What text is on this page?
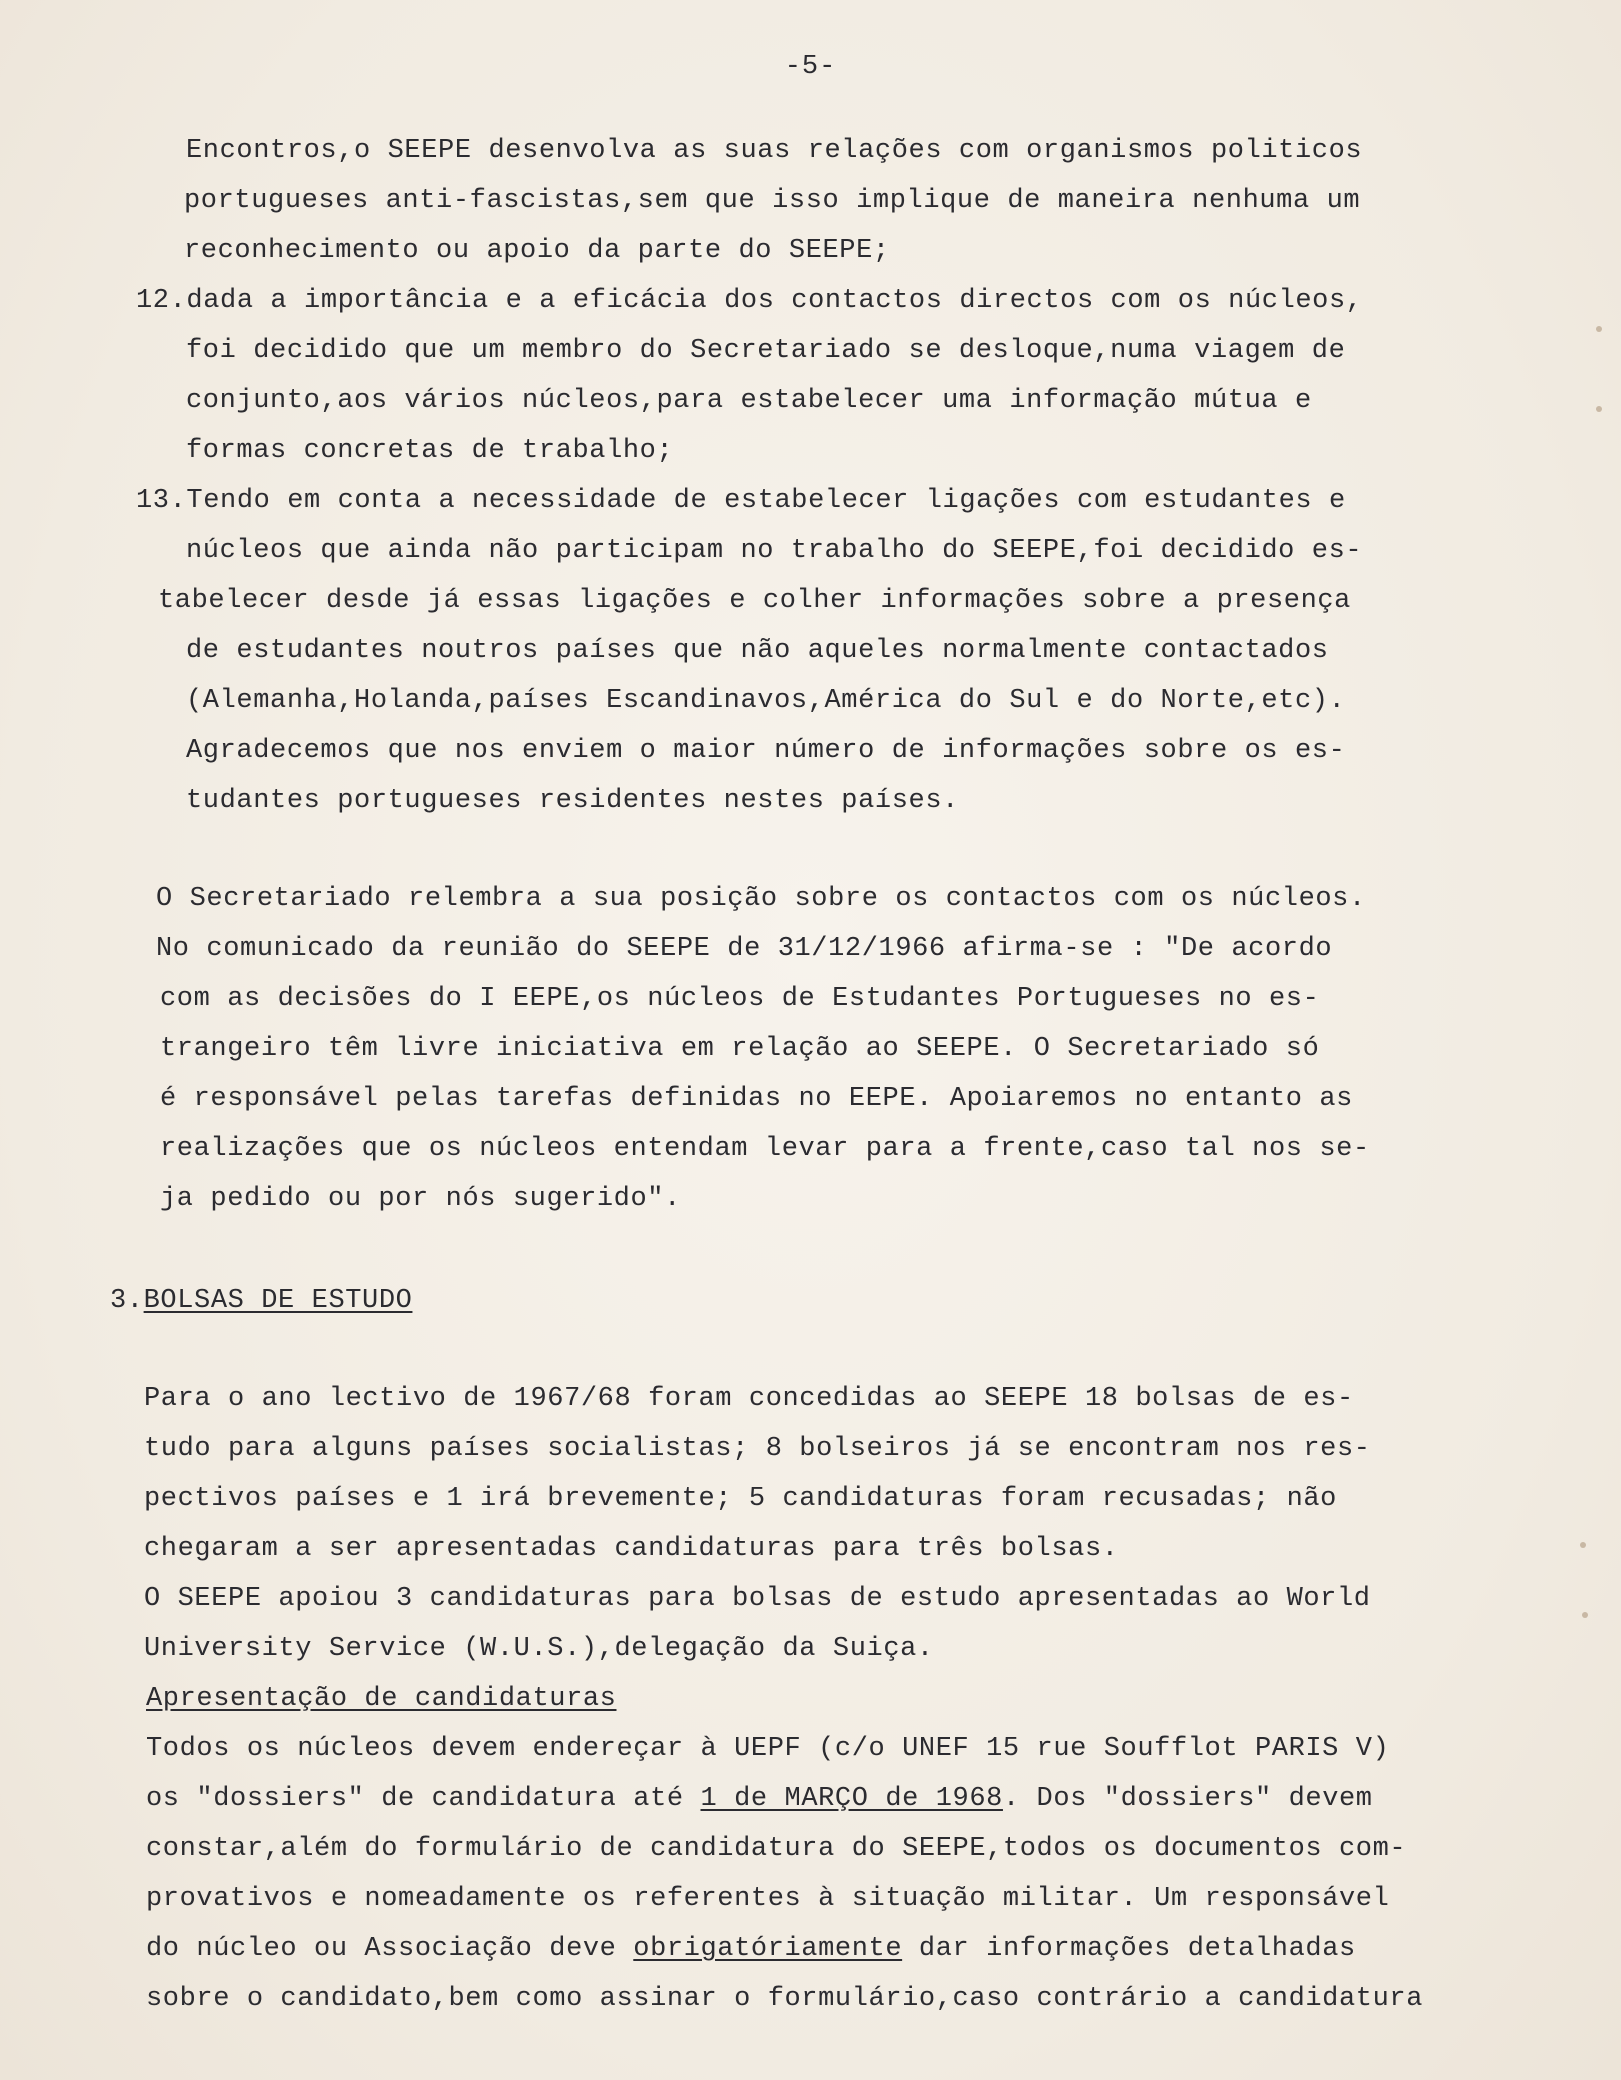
-5-
Encontros,o SEEPE desenvolva as suas relações com organismos politicos
portugueses anti-fascistas,sem que isso implique de maneira nenhuma um
reconhecimento ou apoio da parte do SEEPE;
12.dada a importância e a eficácia dos contactos directos com os núcleos,
foi decidido que um membro do Secretariado se desloque,numa viagem de
conjunto,aos vários núcleos,para estabelecer uma informação mútua e
formas concretas de trabalho;
13.Tendo em conta a necessidade de estabelecer ligações com estudantes e
núcleos que ainda não participam no trabalho do SEEPE,foi decidido es-
tabelecer desde já essas ligações e colher informações sobre a presença
de estudantes noutros países que não aqueles normalmente contactados
(Alemanha,Holanda,países Escandinavos,América do Sul e do Norte,etc).
Agradecemos que nos enviem o maior número de informações sobre os es-
tudantes portugueses residentes nestes países.
O Secretariado relembra a sua posição sobre os contactos com os núcleos.
No comunicado da reunião do SEEPE de 31/12/1966 afirma-se : "De acordo
com as decisões do I EEPE,os núcleos de Estudantes Portugueses no es-
trangeiro têm livre iniciativa em relação ao SEEPE. O Secretariado só
é responsável pelas tarefas definidas no EEPE. Apoiaremos no entanto as
realizações que os núcleos entendam levar para a frente,caso tal nos se-
ja pedido ou por nós sugerido".
3.BOLSAS DE ESTUDO
Para o ano lectivo de 1967/68 foram concedidas ao SEEPE 18 bolsas de es-
tudo para alguns países socialistas; 8 bolseiros já se encontram nos res-
pectivos países e 1 irá brevemente; 5 candidaturas foram recusadas; não
chegaram a ser apresentadas candidaturas para três bolsas.
O SEEPE apoiou 3 candidaturas para bolsas de estudo apresentadas ao World
University Service (W.U.S.),delegação da Suiça.
Apresentação de candidaturas
Todos os núcleos devem endereçar à UEPF (c/o UNEF 15 rue Soufflot PARIS V)
os "dossiers" de candidatura até 1 de MARÇO de 1968. Dos "dossiers" devem
constar,além do formulário de candidatura do SEEPE,todos os documentos com-
provativos e nomeadamente os referentes à situação militar. Um responsável
do núcleo ou Associação deve obrigatóriamente dar informações detalhadas
sobre o candidato,bem como assinar o formulário,caso contrário a candidatura
